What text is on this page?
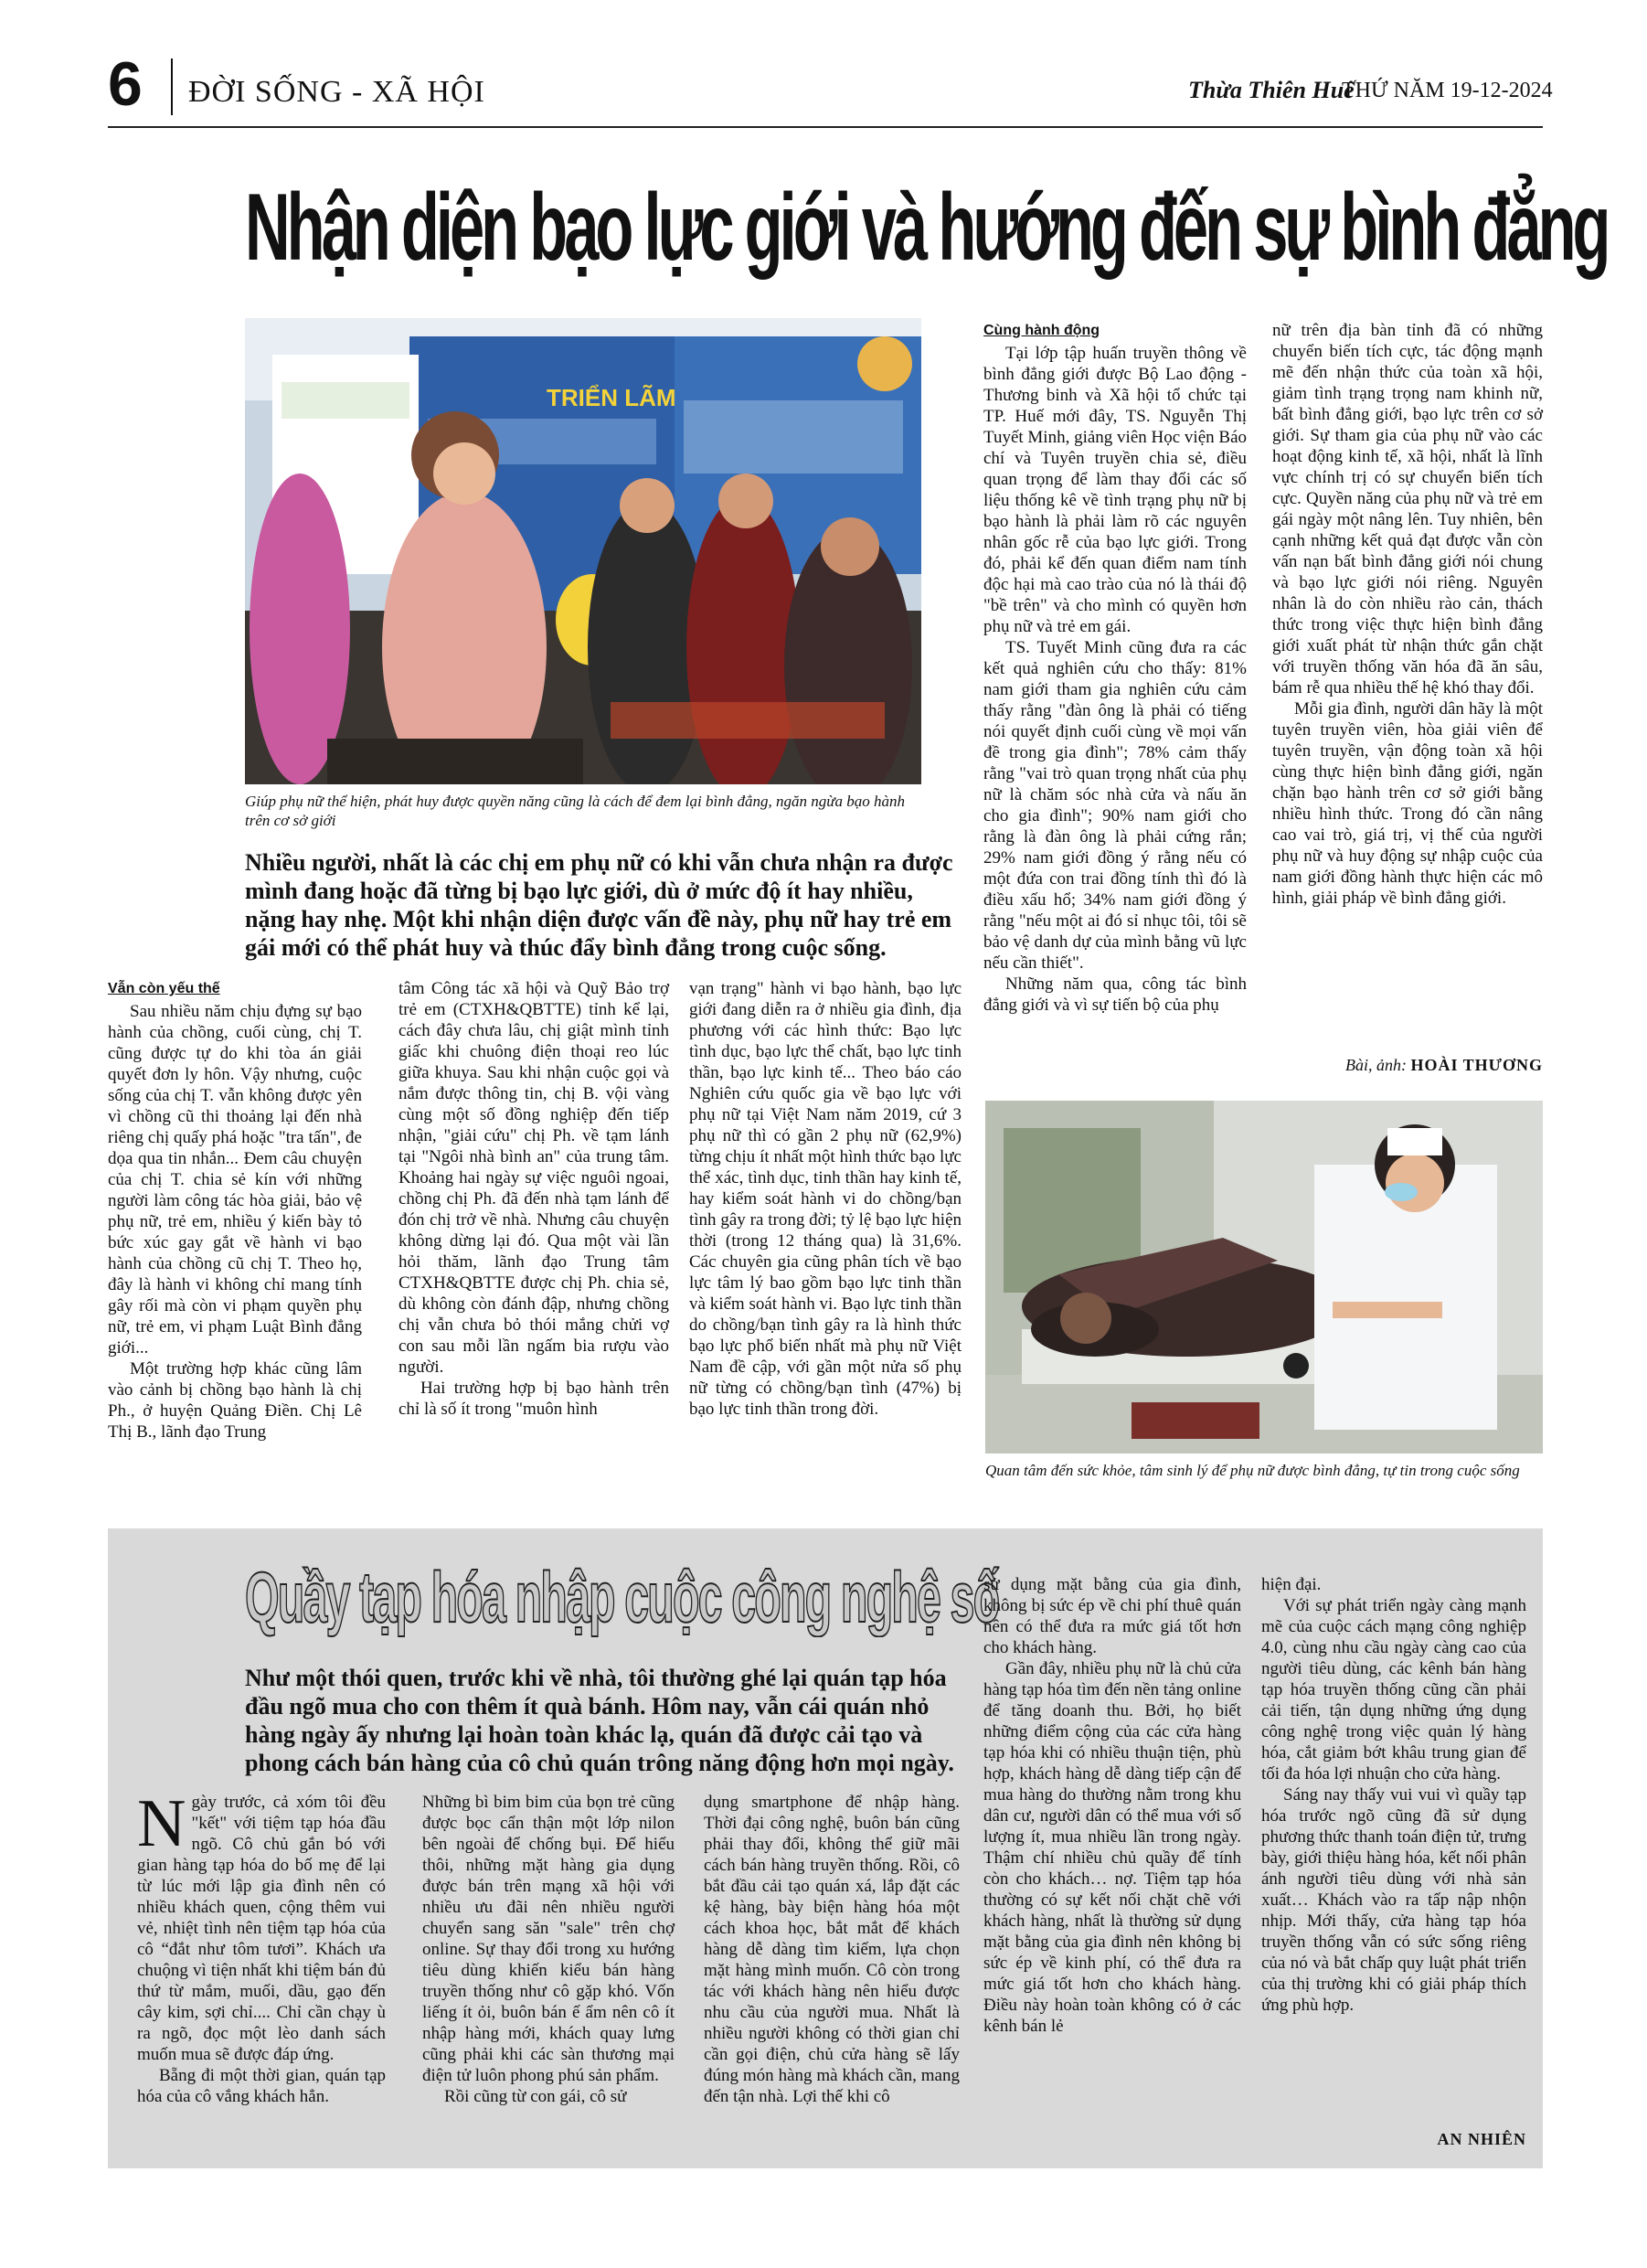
6 ĐỜI SỐNG - XÃ HỘI	Thừa Thiên Huế
THỨ NĂM 19-12-2024
Nhận diện bạo lực giới và hướng đến sự bình đẳng
TRIỂN LÃM
Giúp phụ nữ thể hiện, phát huy được quyền năng cũng là cách để đem lại bình đẳng, ngăn ngừa bạo hành trên cơ sở giới
Nhiều người, nhất là các chị em phụ nữ có khi vẫn chưa nhận ra được mình đang hoặc đã từng bị bạo lực giới, dù ở mức độ ít hay nhiều, nặng hay nhẹ. Một khi nhận diện được vấn đề này, phụ nữ hay trẻ em gái mới có thể phát huy và thúc đẩy bình đẳng trong cuộc sống.
Vẫn còn yếu thế

Sau nhiều năm chịu đựng sự bạo hành của chồng, cuối cùng, chị T. cũng được tự do khi tòa án giải quyết đơn ly hôn. Vậy nhưng, cuộc sống của chị T. vẫn không được yên vì chồng cũ thi thoảng lại đến nhà riêng chị quấy phá hoặc "tra tấn", đe dọa qua tin nhắn... Đem câu chuyện của chị T. chia sẻ kín với những người làm công tác hòa giải, bảo vệ phụ nữ, trẻ em, nhiều ý kiến bày tỏ bức xúc gay gắt về hành vi bạo hành của chồng cũ chị T. Theo họ, đây là hành vi không chỉ mang tính gây rối mà còn vi phạm quyền phụ nữ, trẻ em, vi phạm Luật Bình đẳng giới...

Một trường hợp khác cũng lâm vào cảnh bị chồng bạo hành là chị Ph., ở huyện Quảng Điền. Chị Lê Thị B., lãnh đạo Trung

tâm Công tác xã hội và Quỹ Bảo trợ trẻ em (CTXH&QBTTE) tỉnh kể lại, cách đây chưa lâu, chị giật mình tỉnh giấc khi chuông điện thoại reo lúc giữa khuya. Sau khi nhận cuộc gọi và nắm được thông tin, chị B. vội vàng cùng một số đồng nghiệp đến tiếp nhận, "giải cứu" chị Ph. về tạm lánh tại "Ngôi nhà bình an" của trung tâm. Khoảng hai ngày sự việc nguôi ngoai, chồng chị Ph. đã đến nhà tạm lánh để đón chị trở về nhà. Nhưng câu chuyện không dừng lại đó. Qua một vài lần hỏi thăm, lãnh đạo Trung tâm CTXH&QBTTE được chị Ph. chia sẻ, dù không còn đánh đập, nhưng chồng chị vẫn chưa bỏ thói mắng chửi vợ con sau mỗi lần ngấm bia rượu vào người.

Hai trường hợp bị bạo hành trên chỉ là số ít trong "muôn hình

vạn trạng" hành vi bạo hành, bạo lực giới đang diễn ra ở nhiều gia đình, địa phương với các hình thức: Bạo lực tình dục, bạo lực thể chất, bạo lực tinh thần, bạo lực kinh tế... Theo báo cáo Nghiên cứu quốc gia về bạo lực với phụ nữ tại Việt Nam năm 2019, cứ 3 phụ nữ thì có gần 2 phụ nữ (62,9%) từng chịu ít nhất một hình thức bạo lực thể xác, tình dục, tinh thần hay kinh tế, hay kiểm soát hành vi do chồng/bạn tình gây ra trong đời; tỷ lệ bạo lực hiện thời (trong 12 tháng qua) là 31,6%. Các chuyên gia cũng phân tích về bạo lực tâm lý bao gồm bạo lực tinh thần và kiểm soát hành vi. Bạo lực tinh thần do chồng/bạn tình gây ra là hình thức bạo lực phổ biến nhất mà phụ nữ Việt Nam đề cập, với gần một nửa số phụ nữ từng có chồng/bạn tình (47%) bị bạo lực tinh thần trong đời.

Cùng hành động

Tại lớp tập huấn truyền thông về bình đẳng giới được Bộ Lao động - Thương binh và Xã hội tổ chức tại TP. Huế mới đây, TS. Nguyễn Thị Tuyết Minh, giảng viên Học viện Báo chí và Tuyên truyền chia sẻ, điều quan trọng để làm thay đổi các số liệu thống kê về tình trạng phụ nữ bị bạo hành là phải làm rõ các nguyên nhân gốc rễ của bạo lực giới. Trong đó, phải kể đến quan điểm nam tính độc hại mà cao trào của nó là thái độ "bề trên" và cho mình có quyền hơn phụ nữ và trẻ em gái.

TS. Tuyết Minh cũng đưa ra các kết quả nghiên cứu cho thấy: 81% nam giới tham gia nghiên cứu cảm thấy rằng "đàn ông là phải có tiếng nói quyết định cuối cùng về mọi vấn đề trong gia đình"; 78% cảm thấy rằng "vai trò quan trọng nhất của phụ nữ là chăm sóc nhà cửa và nấu ăn cho gia đình"; 90% nam giới cho rằng là đàn ông là phải cứng rắn; 29% nam giới đồng ý rằng nếu có một đứa con trai đồng tính thì đó là điều xấu hổ; 34% nam giới đồng ý rằng "nếu một ai đó sỉ nhục tôi, tôi sẽ bảo vệ danh dự của mình bằng vũ lực nếu cần thiết".

Những năm qua, công tác bình đẳng giới và vì sự tiến bộ của phụ

nữ trên địa bàn tỉnh đã có những chuyển biến tích cực, tác động mạnh mẽ đến nhận thức của toàn xã hội, giảm tình trạng trọng nam khinh nữ, bất bình đẳng giới, bạo lực trên cơ sở giới. Sự tham gia của phụ nữ vào các hoạt động kinh tế, xã hội, nhất là lĩnh vực chính trị có sự chuyển biến tích cực. Quyền năng của phụ nữ và trẻ em gái ngày một nâng lên. Tuy nhiên, bên cạnh những kết quả đạt được vẫn còn vấn nạn bất bình đẳng giới nói chung và bạo lực giới nói riêng. Nguyên nhân là do còn nhiều rào cản, thách thức trong việc thực hiện bình đẳng giới xuất phát từ nhận thức gắn chặt với truyền thống văn hóa đã ăn sâu, bám rễ qua nhiều thế hệ khó thay đổi.

Mỗi gia đình, người dân hãy là một tuyên truyền viên, hòa giải viên để tuyên truyền, vận động toàn xã hội cùng thực hiện bình đẳng giới, ngăn chặn bạo hành trên cơ sở giới bằng nhiều hình thức. Trong đó cần nâng cao vai trò, giá trị, vị thế của người phụ nữ và huy động sự nhập cuộc của nam giới đồng hành thực hiện các mô hình, giải pháp về bình đẳng giới.

Bài, ảnh: HOÀI THƯƠNG
Quan tâm đến sức khỏe, tâm sinh lý để phụ nữ được bình đẳng, tự tin trong cuộc sống
Quầy tạp hóa nhập cuộc công nghệ số
Như một thói quen, trước khi về nhà, tôi thường ghé lại quán tạp hóa đầu ngõ mua cho con thêm ít quà bánh. Hôm nay, vẫn cái quán nhỏ hàng ngày ấy nhưng lại hoàn toàn khác lạ, quán đã được cải tạo và phong cách bán hàng của cô chủ quán trông năng động hơn mọi ngày.
N gày trước, cả xóm tôi đều "kết" với tiệm tạp hóa đầu ngõ. Cô chủ gắn bó với gian hàng tạp hóa do bố mẹ để lại từ lúc mới lập gia đình nên có nhiều khách quen, cộng thêm vui vẻ, nhiệt tình nên tiệm tạp hóa của cô “đắt như tôm tươi”. Khách ưa chuộng vì tiện nhất khi tiệm bán đủ thứ từ mắm, muối, dầu, gạo đến cây kim, sợi chỉ.... Chỉ cần chạy ù ra ngõ, đọc một lèo danh sách muốn mua sẽ được đáp ứng.

Bẵng đi một thời gian, quán tạp hóa của cô vắng khách hẳn.

Những bì bim bim của bọn trẻ cũng được bọc cẩn thận một lớp nilon bên ngoài để chống bụi. Để hiểu thôi, những mặt hàng gia dụng được bán trên mạng xã hội với nhiều ưu đãi nên nhiều người chuyển sang săn "sale" trên chợ online. Sự thay đổi trong xu hướng tiêu dùng khiến kiểu bán hàng truyền thống như cô gặp khó. Vốn liếng ít ỏi, buôn bán ế ẩm nên cô ít nhập hàng mới, khách quay lưng cũng phải khi các sàn thương mại điện tử luôn phong phú sản phẩm.

Rồi cũng từ con gái, cô sử

dụng smartphone để nhập hàng. Thời đại công nghệ, buôn bán cũng phải thay đổi, không thể giữ mãi cách bán hàng truyền thống. Rồi, cô bắt đầu cải tạo quán xá, lắp đặt các kệ hàng, bày biện hàng hóa một cách khoa học, bắt mắt để khách hàng dễ dàng tìm kiếm, lựa chọn mặt hàng mình muốn. Cô còn trong tác với khách hàng nên hiểu được nhu cầu của người mua. Nhất là nhiều người không có thời gian chỉ cần gọi điện, chủ cửa hàng sẽ lấy đúng món hàng mà khách cần, mang đến tận nhà. Lợi thế khi cô

sử dụng mặt bằng của gia đình, không bị sức ép về chi phí thuê quán nên có thể đưa ra mức giá tốt hơn cho khách hàng.

Gần đây, nhiều phụ nữ là chủ cửa hàng tạp hóa tìm đến nền tảng online để tăng doanh thu. Bởi, họ biết những điểm cộng của các cửa hàng tạp hóa khi có nhiều thuận tiện, phù hợp, khách hàng dễ dàng tiếp cận để mua hàng do thường nằm trong khu dân cư, người dân có thể mua với số lượng ít, mua nhiều lần trong ngày. Thậm chí nhiều chủ quầy để tính còn cho khách… nợ. Tiệm tạp hóa thường có sự kết nối chặt chẽ với khách hàng, nhất là thường sử dụng mặt bằng của gia đình nên không bị sức ép về kinh phí, có thể đưa ra mức giá tốt hơn cho khách hàng. Điều này hoàn toàn không có ở các kênh bán lẻ

hiện đại.

Với sự phát triển ngày càng mạnh mẽ của cuộc cách mạng công nghiệp 4.0, cùng nhu cầu ngày càng cao của người tiêu dùng, các kênh bán hàng tạp hóa truyền thống cũng cần phải cải tiến, tận dụng những ứng dụng công nghệ trong việc quản lý hàng hóa, cắt giảm bớt khâu trung gian để tối đa hóa lợi nhuận cho cửa hàng.

Sáng nay thấy vui vui vì quầy tạp hóa trước ngõ cũng đã sử dụng phương thức thanh toán điện tử, trưng bày, giới thiệu hàng hóa, kết nối phân ánh người tiêu dùng với nhà sản xuất… Khách vào ra tấp nập nhộn nhịp. Mới thấy, cửa hàng tạp hóa truyền thống vẫn có sức sống riêng của nó và bắt chấp quy luật phát triển của thị trường khi có giải pháp thích ứng phù hợp.

AN NHIÊN
